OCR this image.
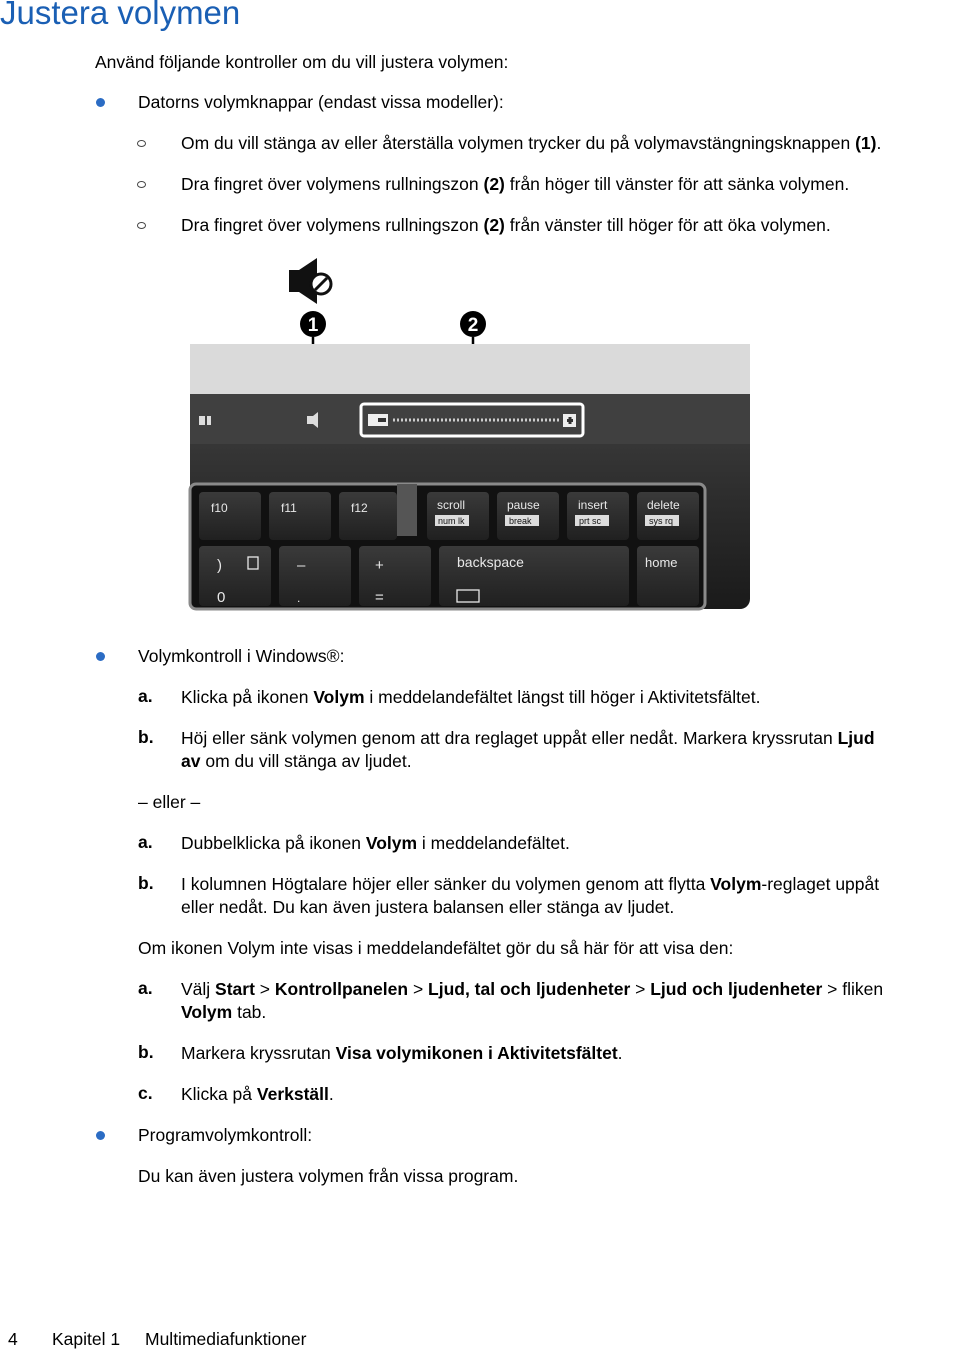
Justera volymen
Använd följande kontroller om du vill justera volymen:
Datorns volymknappar (endast vissa modeller):
Om du vill stänga av eller återställa volymen trycker du på volymavstängningsknappen (1).
Dra fingret över volymens rullningszon (2) från höger till vänster för att sänka volymen.
Dra fingret över volymens rullningszon (2) från vänster till höger för att öka volymen.
1	2
f10	f11	f12	scroll
num lk
pause
break
insert
prt sc
delete
sys rq
)
0
–
.
+
=
backspace	home
Volymkontroll i Windows®:
a. Klicka på ikonen Volym i meddelandefältet längst till höger i Aktivitetsfältet.
b. Höj eller sänk volymen genom att dra reglaget uppåt eller nedåt. Markera kryssrutan Ljud
av om du vill stänga av ljudet.
– eller –
a. Dubbelklicka på ikonen Volym i meddelandefältet.
b. I kolumnen Högtalare höjer eller sänker du volymen genom att flytta Volym-reglaget uppåt
eller nedåt. Du kan även justera balansen eller stänga av ljudet.
Om ikonen Volym inte visas i meddelandefältet gör du så här för att visa den:
a. Välj Start > Kontrollpanelen > Ljud, tal och ljudenheter > Ljud och ljudenheter > fliken
Volym tab.
b. Markera kryssrutan Visa volymikonen i Aktivitetsfältet.
c. Klicka på Verkställ.
Programvolymkontroll:
Du kan även justera volymen från vissa program.
4 Kapitel 1 Multimediafunktioner
